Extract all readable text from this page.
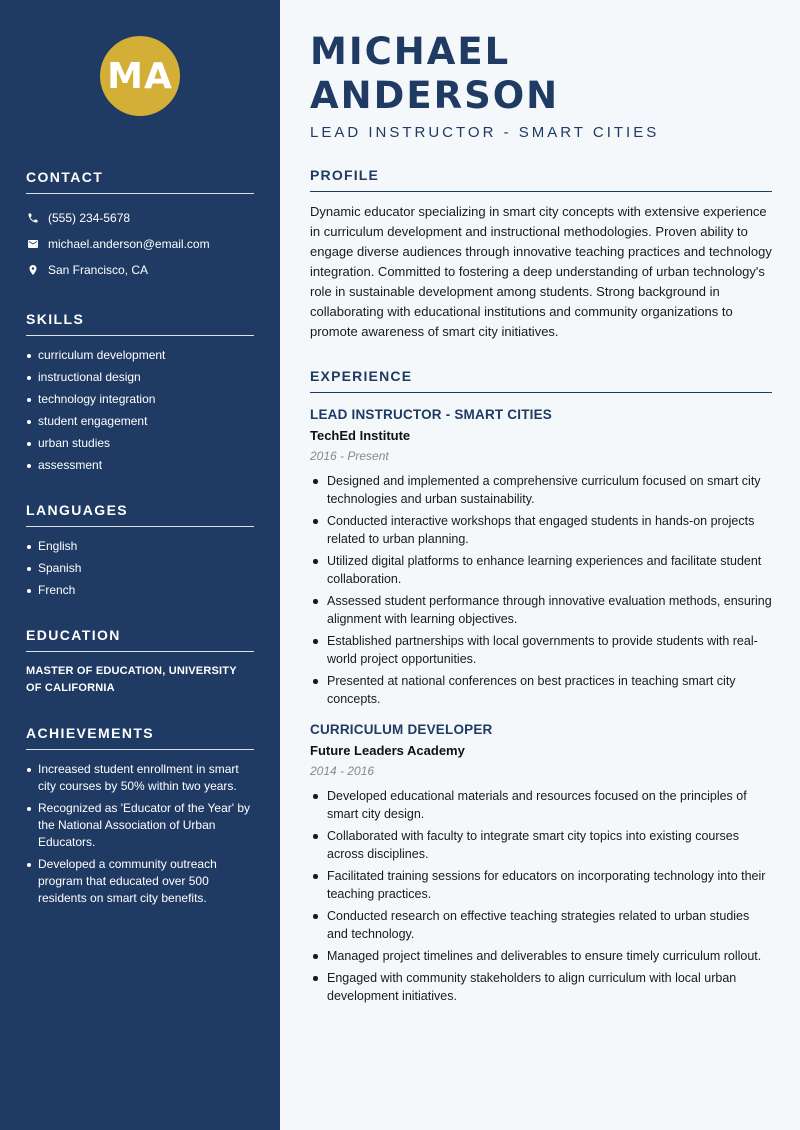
MA
CONTACT
(555) 234-5678
michael.anderson@email.com
San Francisco, CA
SKILLS
curriculum development
instructional design
technology integration
student engagement
urban studies
assessment
LANGUAGES
English
Spanish
French
EDUCATION
MASTER OF EDUCATION, UNIVERSITY OF CALIFORNIA
ACHIEVEMENTS
Increased student enrollment in smart city courses by 50% within two years.
Recognized as 'Educator of the Year' by the National Association of Urban Educators.
Developed a community outreach program that educated over 500 residents on smart city benefits.
MICHAEL ANDERSON
LEAD INSTRUCTOR - SMART CITIES
PROFILE

Dynamic educator specializing in smart city concepts with extensive experience in curriculum development and instructional methodologies. Proven ability to engage diverse audiences through innovative teaching practices and technology integration. Committed to fostering a deep understanding of urban technology's role in sustainable development among students. Strong background in collaborating with educational institutions and community organizations to promote awareness of smart city initiatives.

EXPERIENCE
LEAD INSTRUCTOR - SMART CITIES
TechEd Institute
2016 - Present
Designed and implemented a comprehensive curriculum focused on smart city technologies and urban sustainability.
Conducted interactive workshops that engaged students in hands-on projects related to urban planning.
Utilized digital platforms to enhance learning experiences and facilitate student collaboration.
Assessed student performance through innovative evaluation methods, ensuring alignment with learning objectives.
Established partnerships with local governments to provide students with real-world project opportunities.
Presented at national conferences on best practices in teaching smart city concepts.
CURRICULUM DEVELOPER
Future Leaders Academy
2014 - 2016
Developed educational materials and resources focused on the principles of smart city design.
Collaborated with faculty to integrate smart city topics into existing courses across disciplines.
Facilitated training sessions for educators on incorporating technology into their teaching practices.
Conducted research on effective teaching strategies related to urban studies and technology.
Managed project timelines and deliverables to ensure timely curriculum rollout.
Engaged with community stakeholders to align curriculum with local urban development initiatives.
